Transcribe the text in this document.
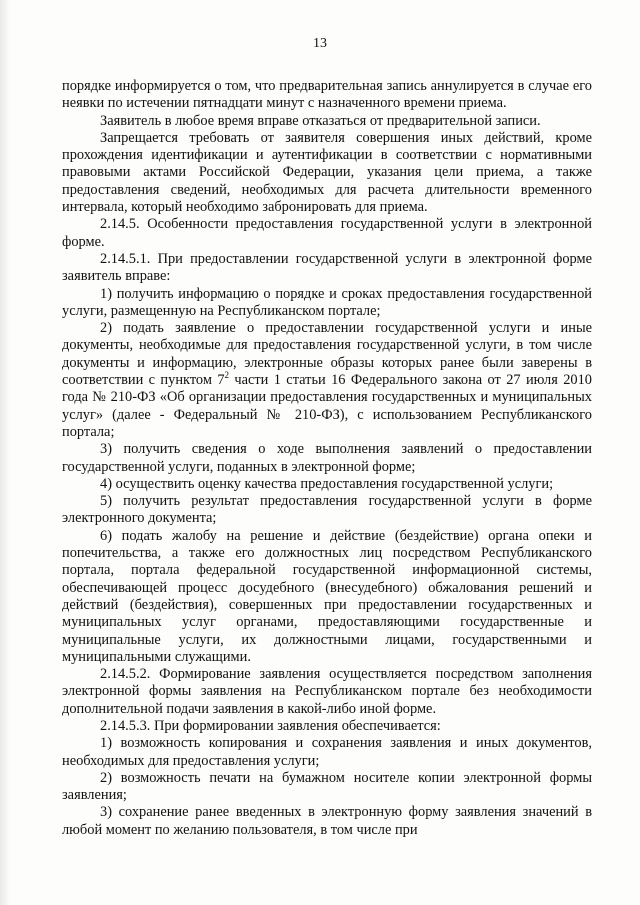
13

порядке информируется о том, что предварительная запись аннулируется в случае его неявки по истечении пятнадцати минут с назначенного времени приема.

Заявитель в любое время вправе отказаться от предварительной записи.

Запрещается требовать от заявителя совершения иных действий, кроме прохождения идентификации и аутентификации в соответствии с нормативными правовыми актами Российской Федерации, указания цели приема, а также предоставления сведений, необходимых для расчета длительности временного интервала, который необходимо забронировать для приема.

2.14.5. Особенности предоставления государственной услуги в электронной форме.

2.14.5.1. При предоставлении государственной услуги в электронной форме заявитель вправе:

1) получить информацию о порядке и сроках предоставления государственной услуги, размещенную на Республиканском портале;

2) подать заявление о предоставлении государственной услуги и иные документы, необходимые для предоставления государственной услуги, в том числе документы и информацию, электронные образы которых ранее были заверены в соответствии с пунктом $7^2$ части 1 статьи 16 Федерального закона от 27 июля 2010 года № 210-ФЗ «Об организации предоставления государственных и муниципальных услуг» (далее - Федеральный № 210-ФЗ), с использованием Республиканского портала;

3) получить сведения о ходе выполнения заявлений о предоставлении государственной услуги, поданных в электронной форме;

4) осуществить оценку качества предоставления государственной услуги;

5) получить результат предоставления государственной услуги в форме электронного документа;

6) подать жалобу на решение и действие (бездействие) органа опеки и попечительства, а также его должностных лиц посредством Республиканского портала, портала федеральной государственной информационной системы, обеспечивающей процесс досудебного (внесудебного) обжалования решений и действий (бездействия), совершенных при предоставлении государственных и муниципальных услуг органами, предоставляющими государственные и муниципальные услуги, их должностными лицами, государственными и муниципальными служащими.

2.14.5.2. Формирование заявления осуществляется посредством заполнения электронной формы заявления на Республиканском портале без необходимости дополнительной подачи заявления в какой-либо иной форме.

2.14.5.3. При формировании заявления обеспечивается:

1) возможность копирования и сохранения заявления и иных документов, необходимых для предоставления услуги;

2) возможность печати на бумажном носителе копии электронной формы заявления;

3) сохранение ранее введенных в электронную форму заявления значений в любой момент по желанию пользователя, в том числе при
